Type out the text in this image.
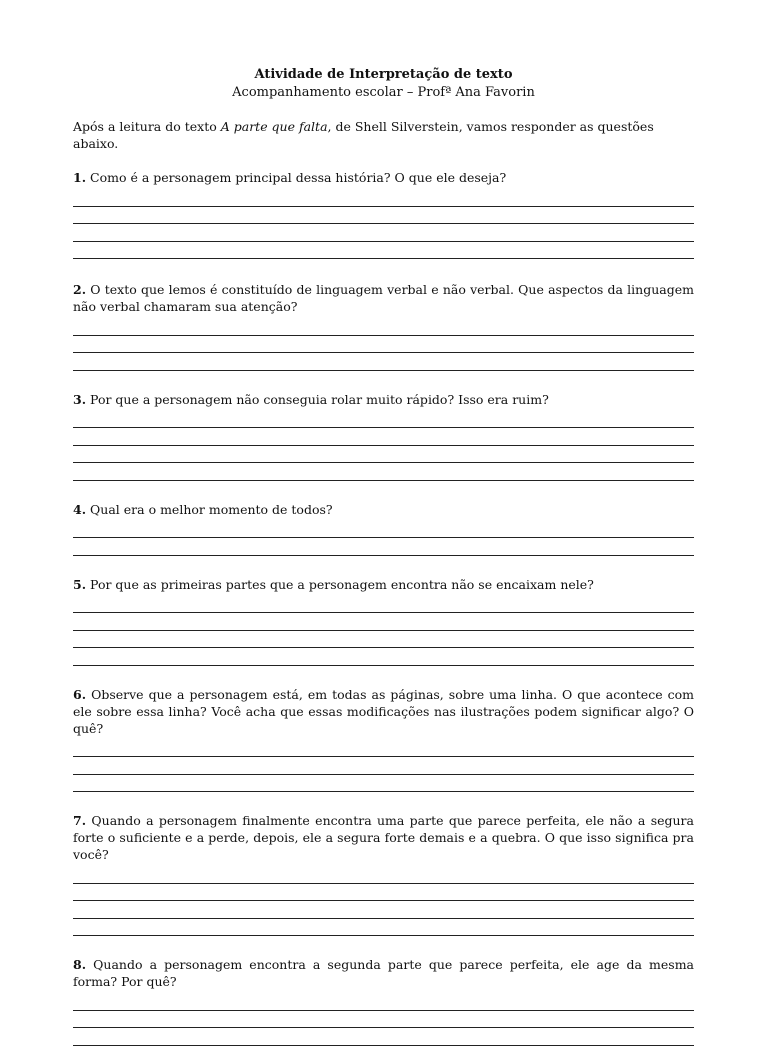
Atividade de Interpretação de texto
Acompanhamento escolar – Profª Ana Favorin
Após a leitura do texto A parte que falta, de Shell Silverstein, vamos responder as questões abaixo.
1. Como é a personagem principal dessa história? O que ele deseja?
2. O texto que lemos é constituído de linguagem verbal e não verbal. Que aspectos da linguagem não verbal chamaram sua atenção?
3. Por que a personagem não conseguia rolar muito rápido? Isso era ruim?
4. Qual era o melhor momento de todos?
5. Por que as primeiras partes que a personagem encontra não se encaixam nele?
6. Observe que a personagem está, em todas as páginas, sobre uma linha. O que acontece com ele sobre essa linha? Você acha que essas modificações nas ilustrações podem significar algo? O quê?
7. Quando a personagem finalmente encontra uma parte que parece perfeita, ele não a segura forte o suficiente e a perde, depois, ele a segura forte demais e a quebra. O que isso significa pra você?
8. Quando a personagem encontra a segunda parte que parece perfeita, ele age da mesma forma? Por quê?
